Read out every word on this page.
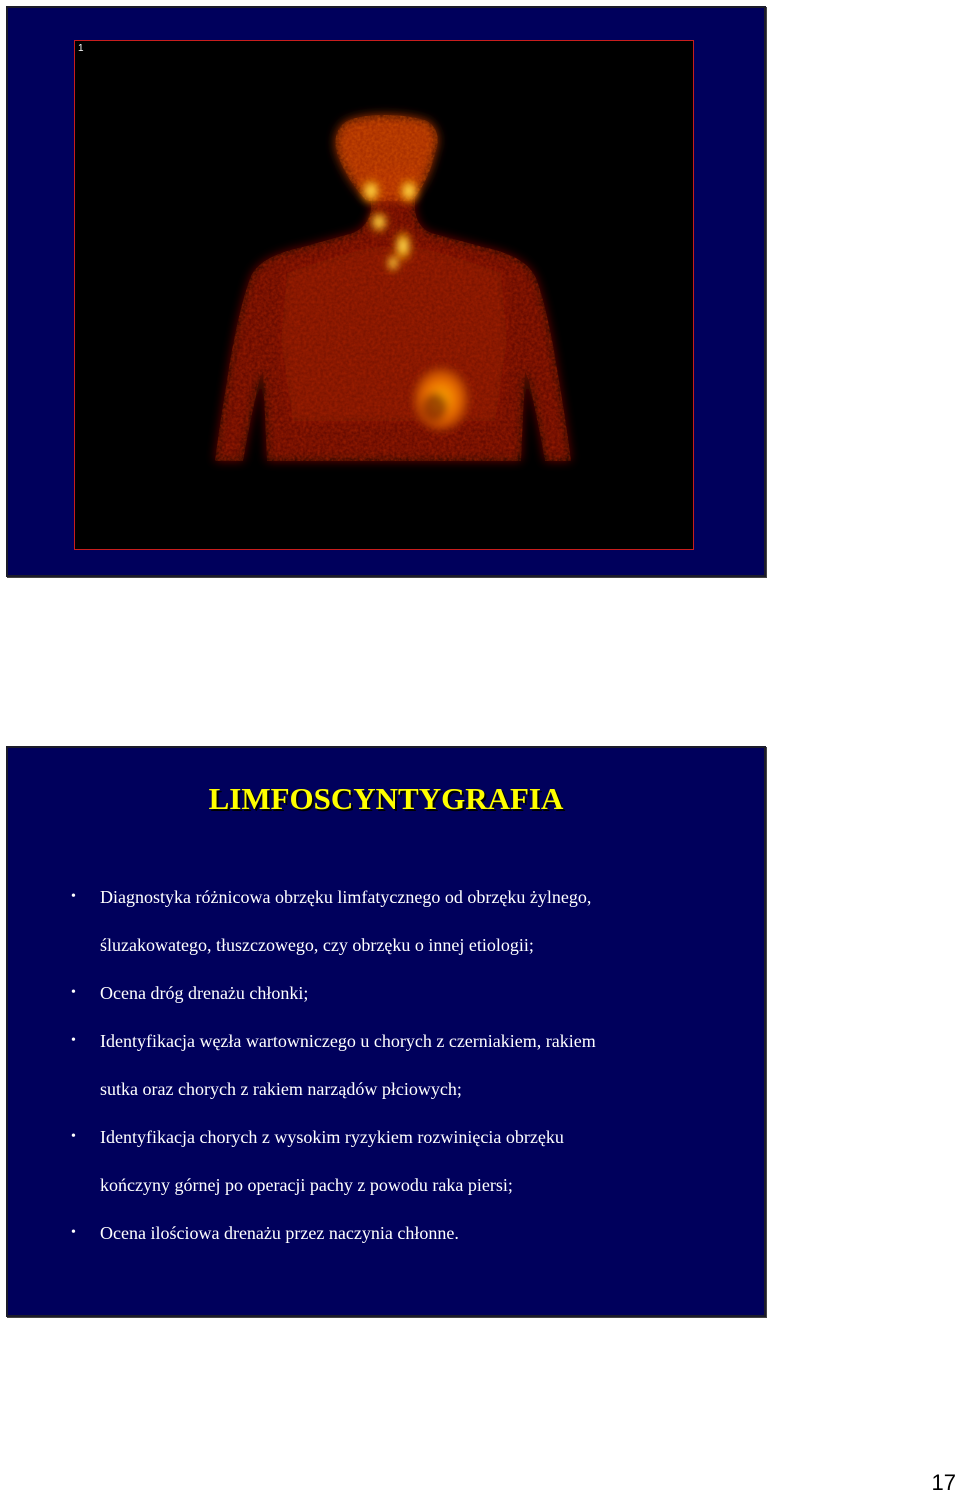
1
LIMFOSCYNTYGRAFIA
• Diagnostyka różnicowa obrzęku limfatycznego od obrzęku żylnego,
śluzakowatego, tłuszczowego, czy obrzęku o innej etiologii;
• Ocena dróg drenażu chłonki;
• Identyfikacja węzła wartowniczego u chorych z czerniakiem, rakiem
sutka oraz chorych z rakiem narządów płciowych;
• Identyfikacja chorych z wysokim ryzykiem rozwinięcia obrzęku
kończyny górnej po operacji pachy z powodu raka piersi;
• Ocena ilościowa drenażu przez naczynia chłonne.
17
